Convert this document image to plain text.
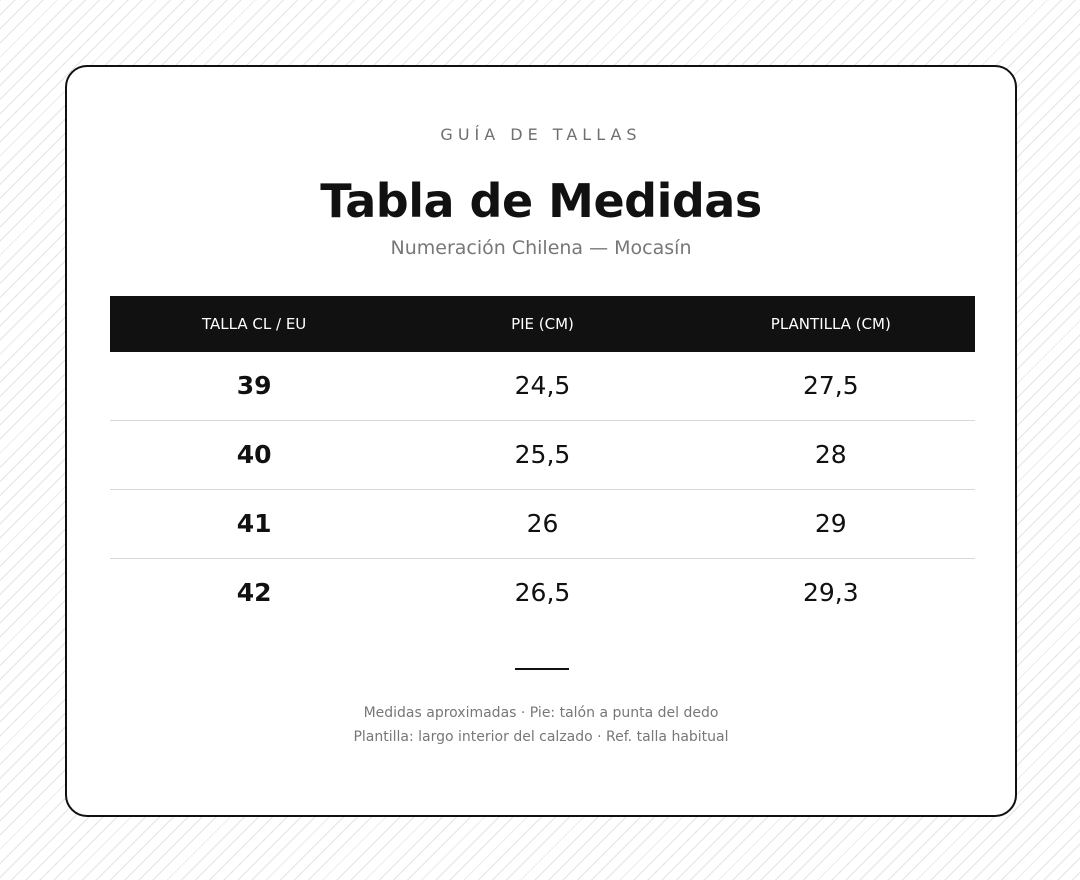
GUÍA DE TALLAS
Tabla de Medidas
Numeración Chilena — Mocasín
TALLA CL / EU	PIE (CM)	PLANTILLA (CM)
39	24,5	27,5
40	25,5	28
41	26	29
42	26,5	29,3
Medidas aproximadas · Pie: talón a punta del dedo
Plantilla: largo interior del calzado · Ref. talla habitual
